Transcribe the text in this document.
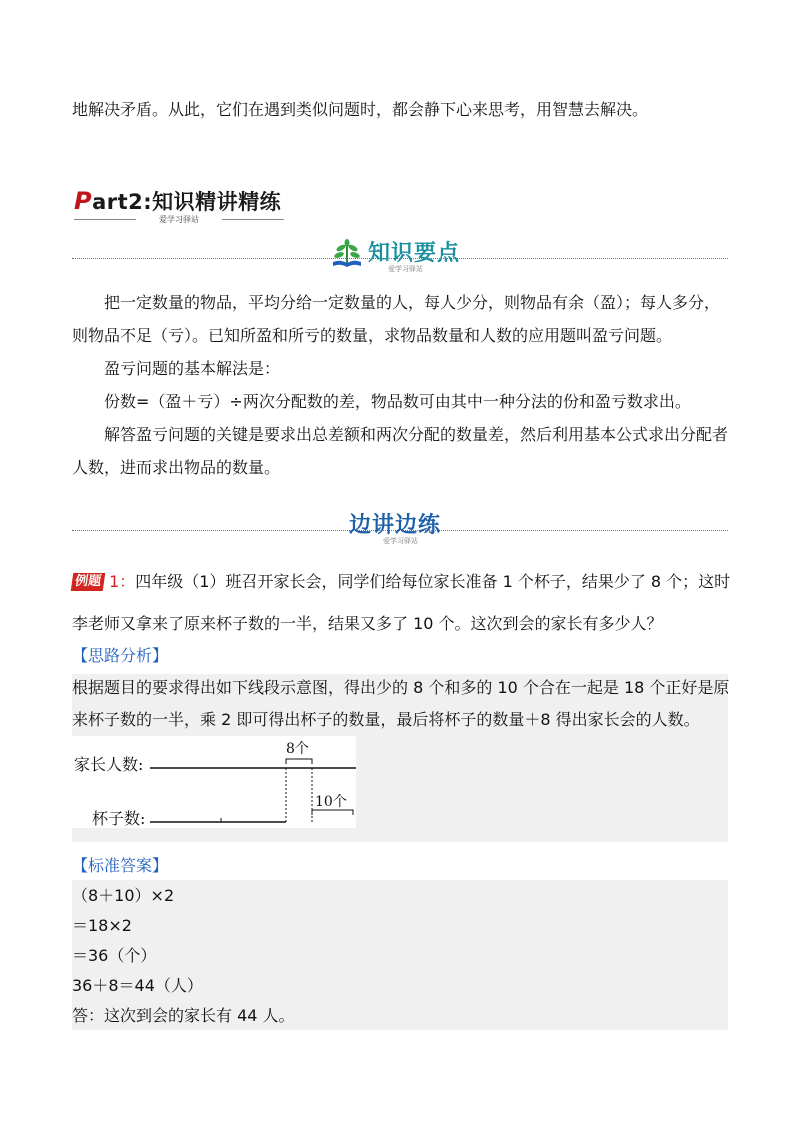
地解决矛盾。从此，它们在遇到类似问题时，都会静下心来思考，用智慧去解决。
Part2:知识精讲精练
爱学习驿站
知识要点
爱学习驿站
把一定数量的物品，平均分给一定数量的人，每人少分，则物品有余（盈）；每人多分，
则物品不足（亏）。已知所盈和所亏的数量，求物品数量和人数的应用题叫盈亏问题。
盈亏问题的基本解法是：
份数=（盈＋亏）÷两次分配数的差，物品数可由其中一种分法的份和盈亏数求出。
解答盈亏问题的关键是要求出总差额和两次分配的数量差，然后利用基本公式求出分配者
人数，进而求出物品的数量。
边讲边练
爱学习驿站
例题 1：四年级（1）班召开家长会，同学们给每位家长准备 1 个杯子，结果少了 8 个；这时
李老师又拿来了原来杯子数的一半，结果又多了 10 个。这次到会的家长有多少人？
【思路分析】
根据题目的要求得出如下线段示意图，得出少的 8 个和多的 10 个合在一起是 18 个正好是原
来杯子数的一半，乘 2 即可得出杯子的数量，最后将杯子的数量＋8 得出家长会的人数。
家长人数:
杯子数:
8个
10个
【标准答案】
（8＋10）×2
＝18×2
＝36（个）
36＋8＝44（人）
答：这次到会的家长有 44 人。
